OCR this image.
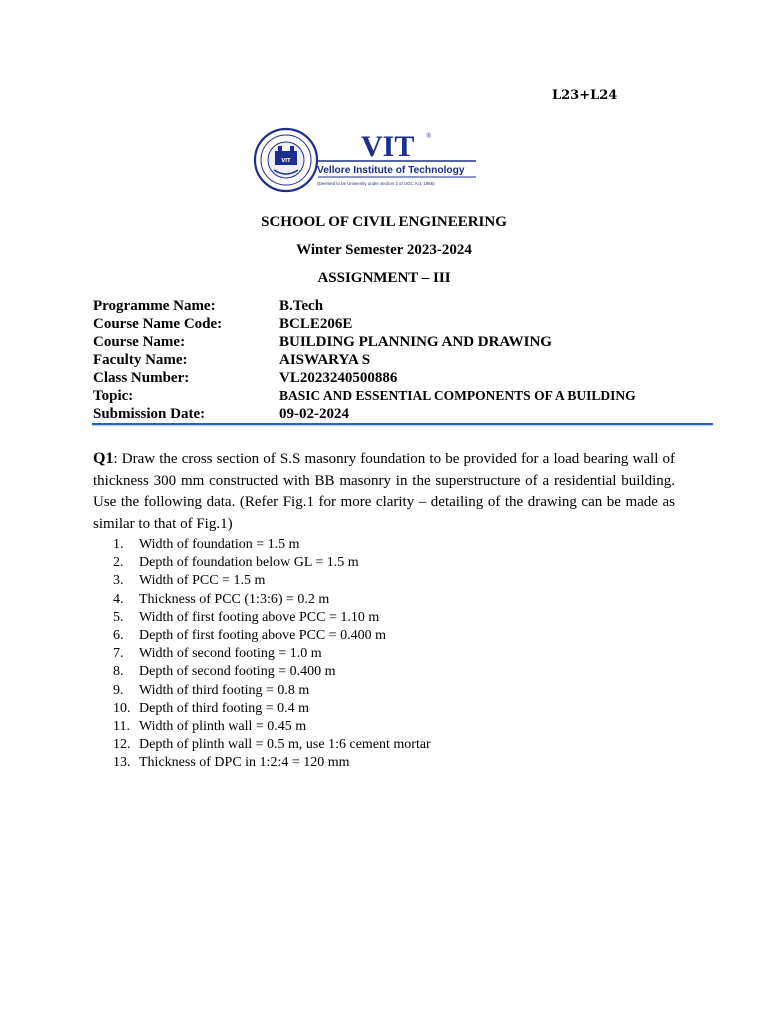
L23+L24
VIT VIT ®
Vellore Institute of Technology
(Deemed to be University under section 3 of UGC Act, 1956)
SCHOOL OF CIVIL ENGINEERING
Winter Semester 2023-2024
ASSIGNMENT – III
Programme Name:	B.Tech
Course Name Code:	BCLE206E
Course Name:	BUILDING PLANNING AND DRAWING
Faculty Name:	AISWARYA S
Class Number:	VL2023240500886
Topic:	BASIC AND ESSENTIAL COMPONENTS OF A BUILDING
Submission Date:	09-02-2024
Q1: Draw the cross section of S.S masonry foundation to be provided for a load bearing wall of thickness 300 mm constructed with BB masonry in the superstructure of a residential building. Use the following data. (Refer Fig.1 for more clarity – detailing of the drawing can be made as similar to that of Fig.1)
1. Width of foundation = 1.5 m
2. Depth of foundation below GL = 1.5 m
3. Width of PCC = 1.5 m
4. Thickness of PCC (1:3:6) = 0.2 m
5. Width of first footing above PCC = 1.10 m
6. Depth of first footing above PCC = 0.400 m
7. Width of second footing = 1.0 m
8. Depth of second footing = 0.400 m
9. Width of third footing = 0.8 m
10. Depth of third footing = 0.4 m
11. Width of plinth wall = 0.45 m
12. Depth of plinth wall = 0.5 m, use 1:6 cement mortar
13. Thickness of DPC in 1:2:4 = 120 mm
